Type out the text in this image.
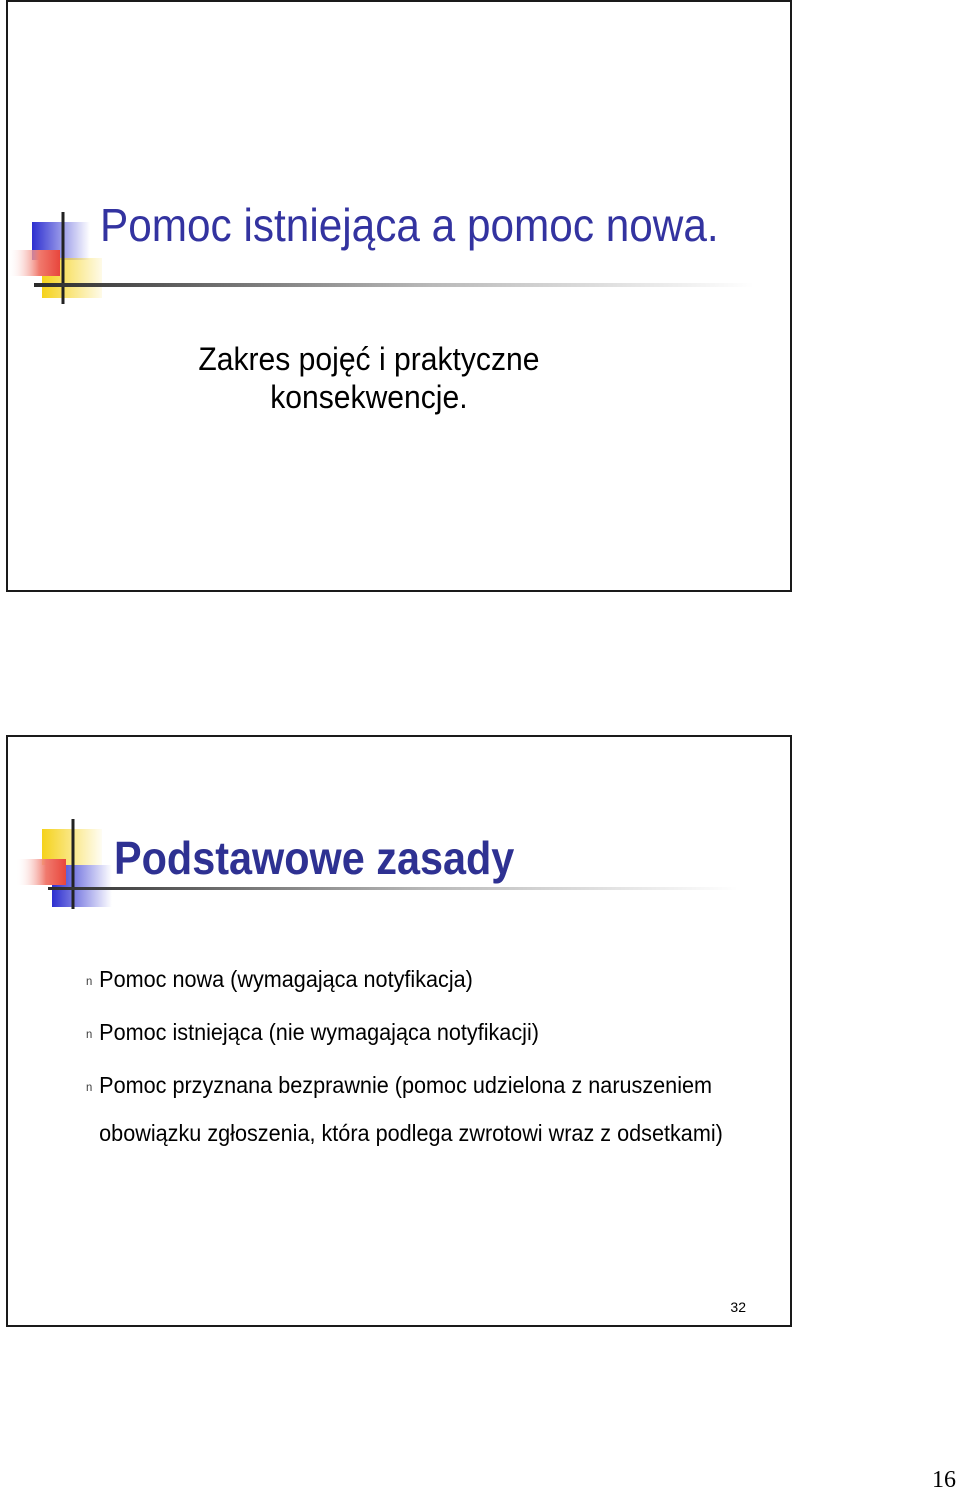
Pomoc istniejąca a pomoc nowa.
Zakres pojęć i praktyczne
konsekwencje.
Podstawowe zasady
n Pomoc nowa (wymagająca notyfikacja)
n Pomoc istniejąca (nie wymagająca notyfikacji)
n Pomoc przyznana bezprawnie (pomoc udzielona z naruszeniem obowiązku zgłoszenia, która podlega zwrotowi wraz z odsetkami)
32
16
